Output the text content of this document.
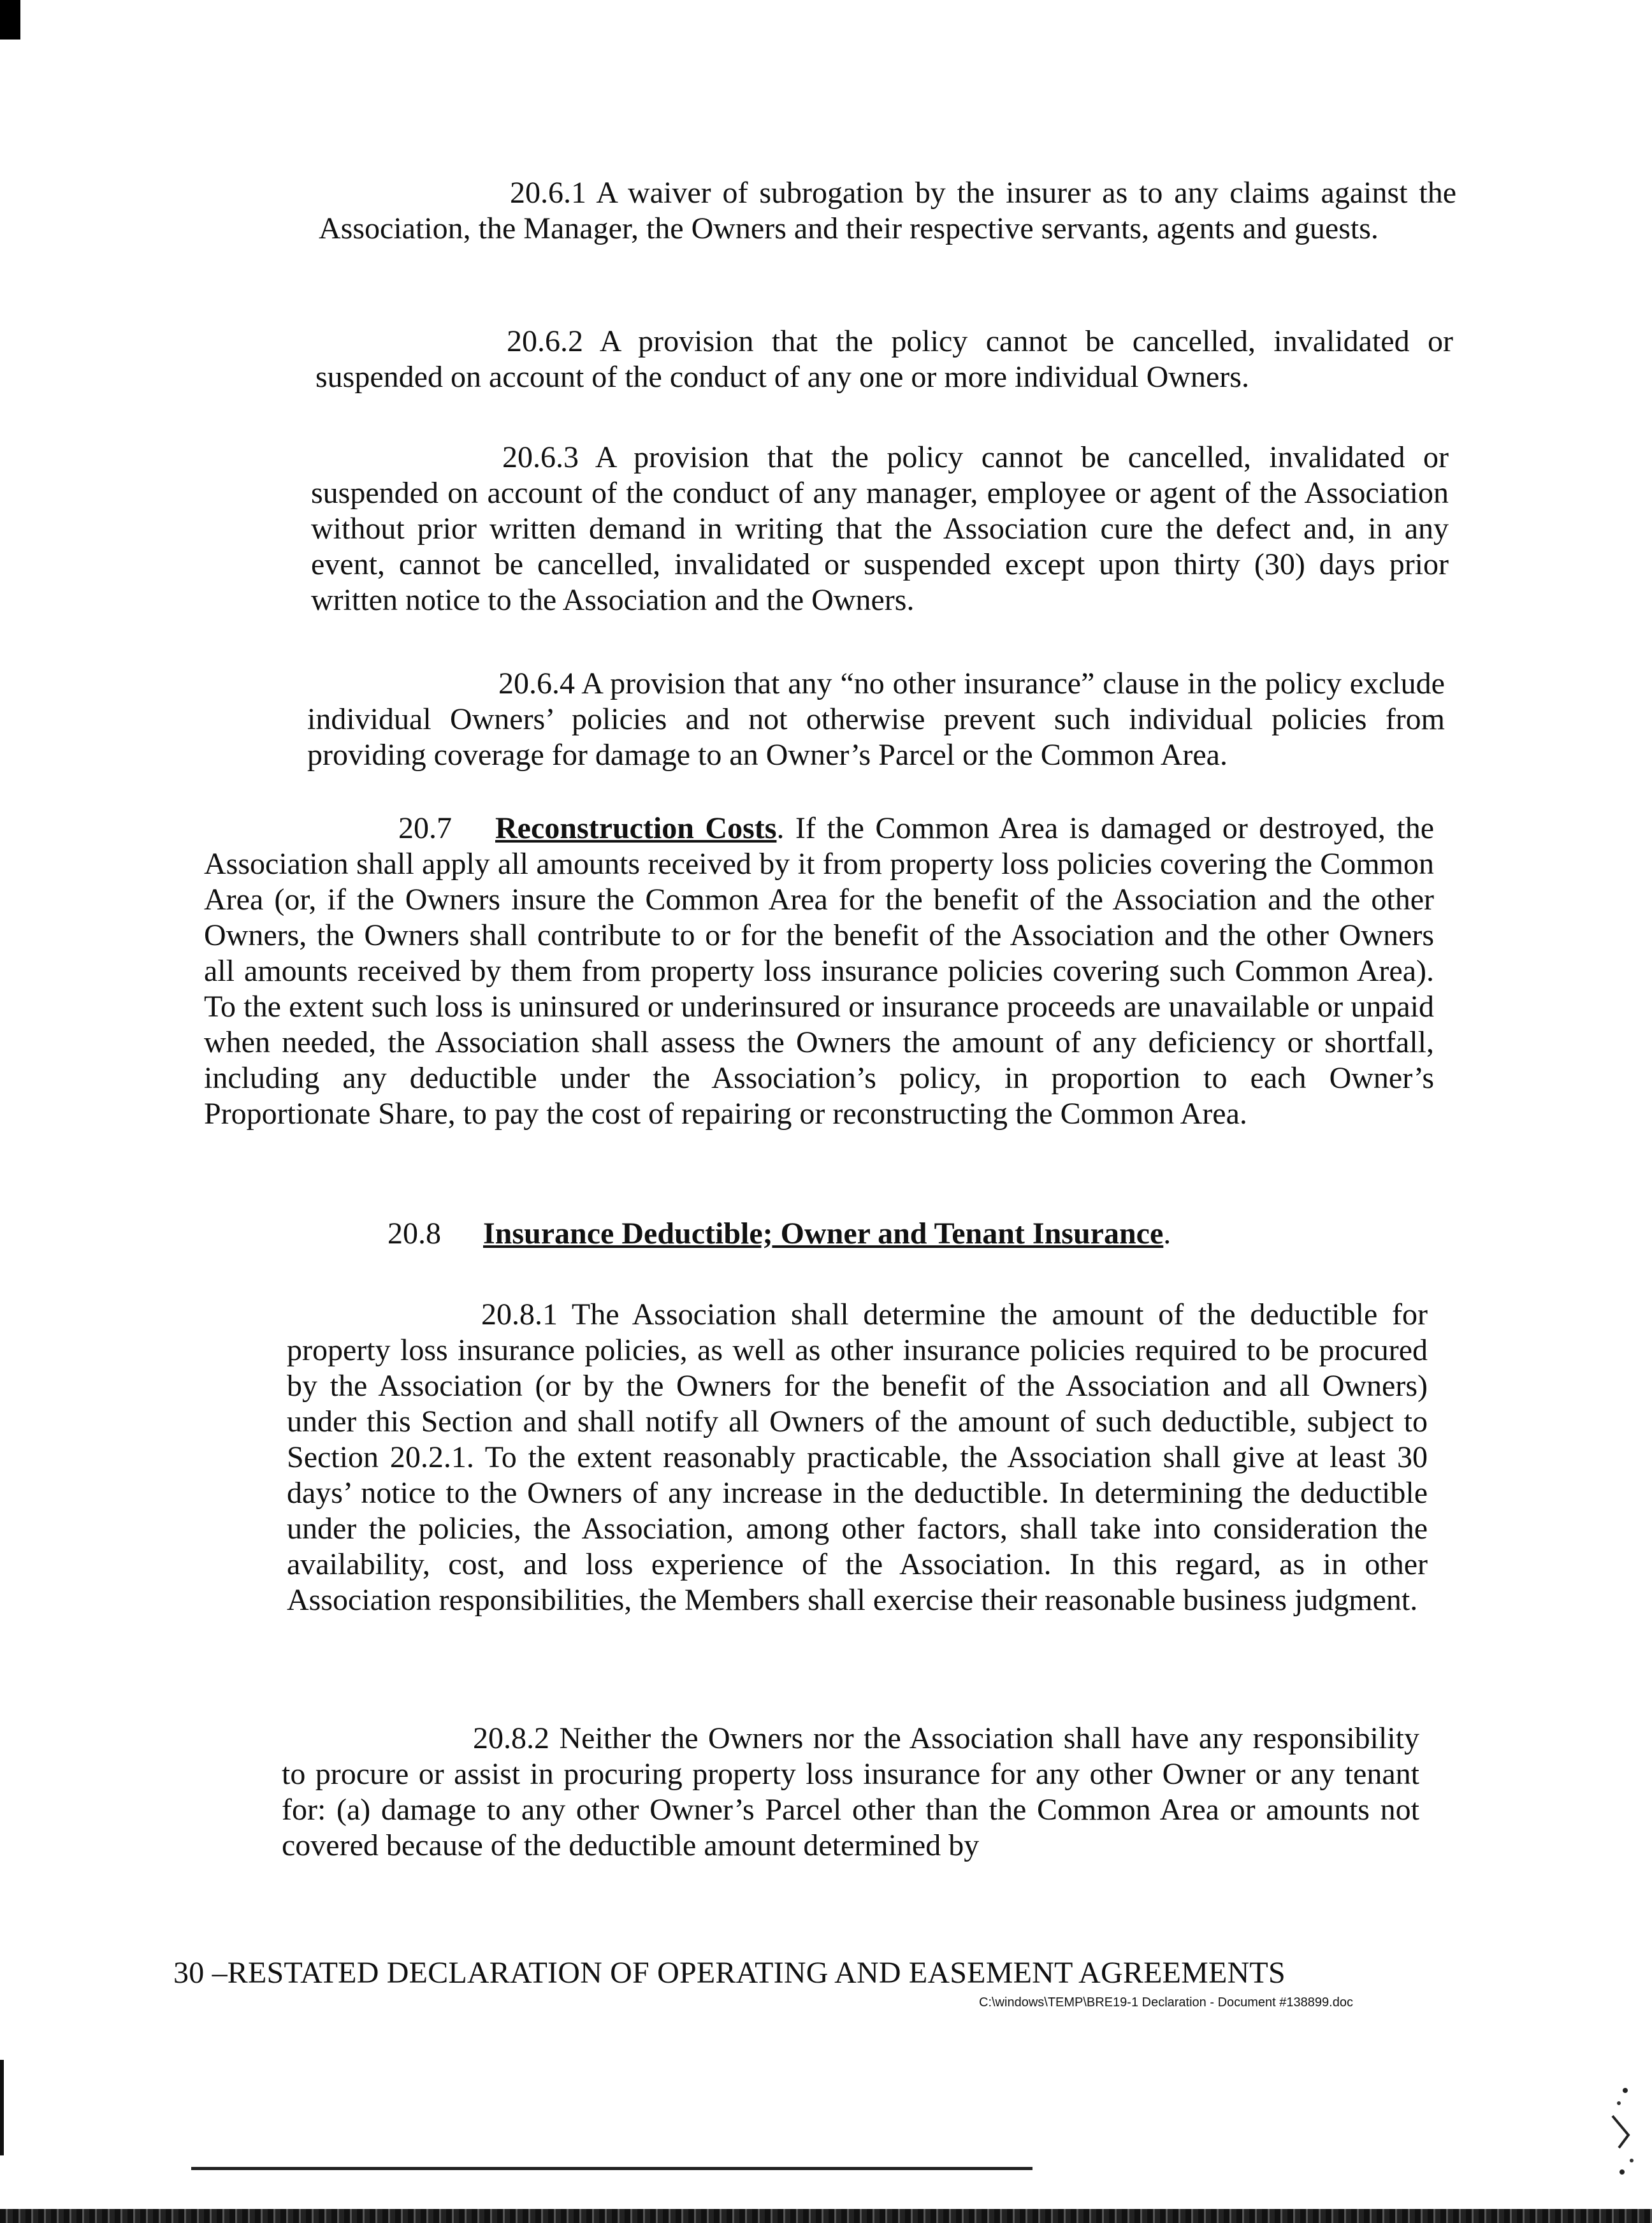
20.6.1 A waiver of subrogation by the insurer as to any claims against the Association, the Manager, the Owners and their respective servants, agents and guests.

20.6.2 A provision that the policy cannot be cancelled, invalidated or suspended on account of the conduct of any one or more individual Owners.

20.6.3 A provision that the policy cannot be cancelled, invalidated or suspended on account of the conduct of any manager, employee or agent of the Association without prior written demand in writing that the Association cure the defect and, in any event, cannot be cancelled, invalidated or suspended except upon thirty (30) days prior written notice to the Association and the Owners.

20.6.4 A provision that any “no other insurance” clause in the policy exclude individual Owners’ policies and not otherwise prevent such individual policies from providing coverage for damage to an Owner’s Parcel or the Common Area.

20.7 Reconstruction Costs. If the Common Area is damaged or destroyed, the Association shall apply all amounts received by it from property loss policies covering the Common Area (or, if the Owners insure the Common Area for the benefit of the Association and the other Owners, the Owners shall contribute to or for the benefit of the Association and the other Owners all amounts received by them from property loss insurance policies covering such Common Area). To the extent such loss is uninsured or underinsured or insurance proceeds are unavailable or unpaid when needed, the Association shall assess the Owners the amount of any deficiency or shortfall, including any deductible under the Association’s policy, in proportion to each Owner’s Proportionate Share, to pay the cost of repairing or reconstructing the Common Area.

20.8 Insurance Deductible; Owner and Tenant Insurance.

20.8.1 The Association shall determine the amount of the deductible for property loss insurance policies, as well as other insurance policies required to be procured by the Association (or by the Owners for the benefit of the Association and all Owners) under this Section and shall notify all Owners of the amount of such deductible, subject to Section 20.2.1. To the extent reasonably practicable, the Association shall give at least 30 days’ notice to the Owners of any increase in the deductible. In determining the deductible under the policies, the Association, among other factors, shall take into consideration the availability, cost, and loss experience of the Association. In this regard, as in other Association responsibilities, the Members shall exercise their reasonable business judgment.

20.8.2 Neither the Owners nor the Association shall have any responsibility to procure or assist in procuring property loss insurance for any other Owner or any tenant for: (a) damage to any other Owner’s Parcel other than the Common Area or amounts not covered because of the deductible amount determined by

30 –RESTATED DECLARATION OF OPERATING AND EASEMENT AGREEMENTS
C:\windows\TEMP\BRE19-1 Declaration - Document #138899.doc
